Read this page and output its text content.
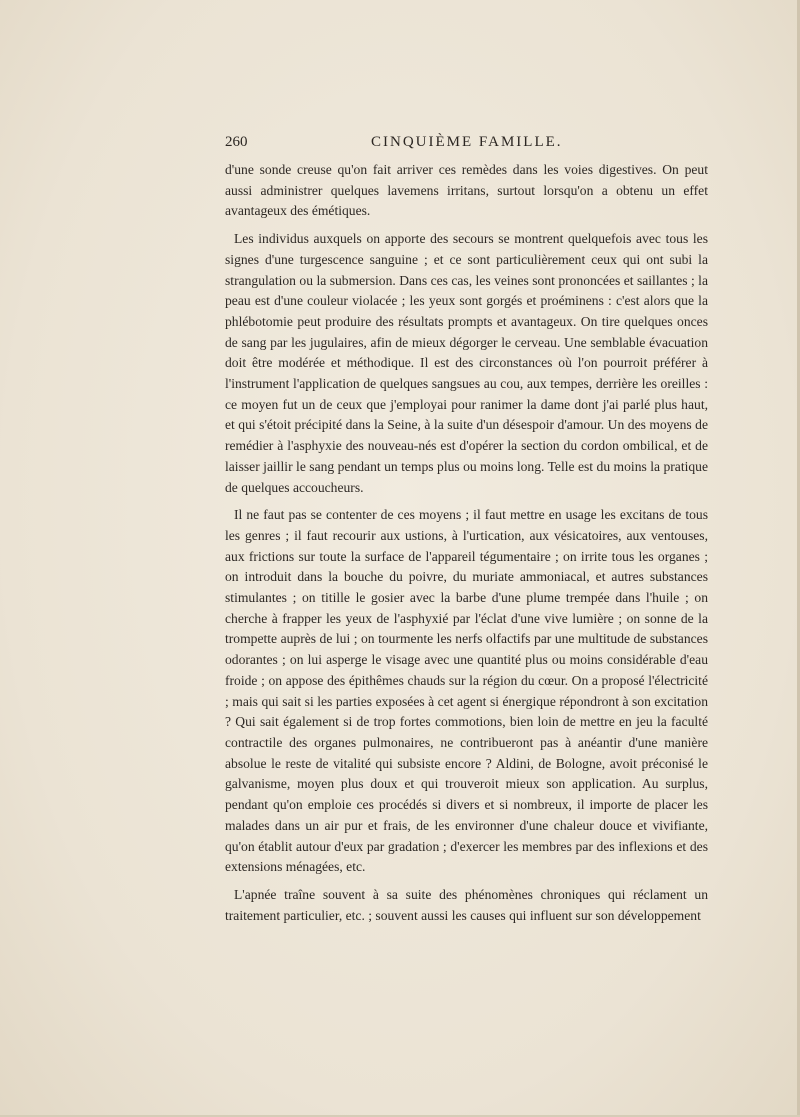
260	CINQUIÈME FAMILLE.

d'une sonde creuse qu'on fait arriver ces remèdes dans les voies digestives. On peut aussi administrer quelques lavemens irritans, surtout lorsqu'on a obtenu un effet avantageux des émétiques.

Les individus auxquels on apporte des secours se montrent quelquefois avec tous les signes d'une turgescence sanguine ; et ce sont particulièrement ceux qui ont subi la strangulation ou la submersion. Dans ces cas, les veines sont prononcées et saillantes ; la peau est d'une couleur violacée ; les yeux sont gorgés et proéminens : c'est alors que la phlébotomie peut produire des résultats prompts et avantageux. On tire quelques onces de sang par les jugulaires, afin de mieux dégorger le cerveau. Une semblable évacuation doit être modérée et méthodique. Il est des circonstances où l'on pourroit préférer à l'instrument l'application de quelques sangsues au cou, aux tempes, derrière les oreilles : ce moyen fut un de ceux que j'employai pour ranimer la dame dont j'ai parlé plus haut, et qui s'étoit précipité dans la Seine, à la suite d'un désespoir d'amour. Un des moyens de remédier à l'asphyxie des nouveau-nés est d'opérer la section du cordon ombilical, et de laisser jaillir le sang pendant un temps plus ou moins long. Telle est du moins la pratique de quelques accoucheurs.

Il ne faut pas se contenter de ces moyens ; il faut mettre en usage les excitans de tous les genres ; il faut recourir aux ustions, à l'urtication, aux vésicatoires, aux ventouses, aux frictions sur toute la surface de l'appareil tégumentaire ; on irrite tous les organes ; on introduit dans la bouche du poivre, du muriate ammoniacal, et autres substances stimulantes ; on titille le gosier avec la barbe d'une plume trempée dans l'huile ; on cherche à frapper les yeux de l'asphyxié par l'éclat d'une vive lumière ; on sonne de la trompette auprès de lui ; on tourmente les nerfs olfactifs par une multitude de substances odorantes ; on lui asperge le visage avec une quantité plus ou moins considérable d'eau froide ; on appose des épithêmes chauds sur la région du cœur. On a proposé l'électricité ; mais qui sait si les parties exposées à cet agent si énergique répondront à son excitation ? Qui sait également si de trop fortes commotions, bien loin de mettre en jeu la faculté contractile des organes pulmonaires, ne contribueront pas à anéantir d'une manière absolue le reste de vitalité qui subsiste encore ? Aldini, de Bologne, avoit préconisé le galvanisme, moyen plus doux et qui trouveroit mieux son application. Au surplus, pendant qu'on emploie ces procédés si divers et si nombreux, il importe de placer les malades dans un air pur et frais, de les environner d'une chaleur douce et vivifiante, qu'on établit autour d'eux par gradation ; d'exercer les membres par des inflexions et des extensions ménagées, etc.

L'apnée traîne souvent à sa suite des phénomènes chroniques qui réclament un traitement particulier, etc. ; souvent aussi les causes qui influent sur son développement
